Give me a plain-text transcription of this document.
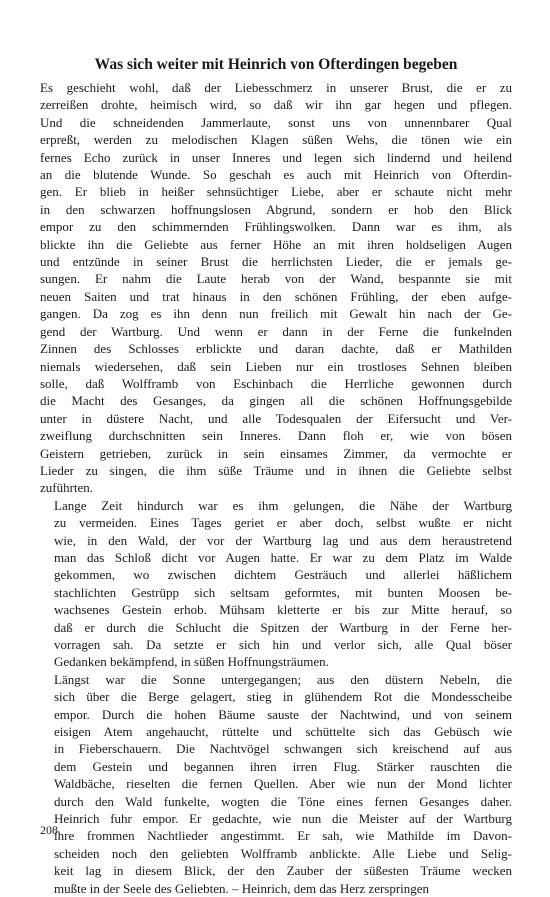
Was sich weiter mit Heinrich von Ofterdingen begeben

Es geschieht wohl, daß der Liebesschmerz in unserer Brust, die er zu
zerreißen drohte, heimisch wird, so daß wir ihn gar hegen und pflegen.
Und die schneidenden Jammerlaute, sonst uns von unnennbarer Qual
erpreßt, werden zu melodischen Klagen süßen Wehs, die tönen wie ein
fernes Echo zurück in unser Inneres und legen sich lindernd und heilend
an die blutende Wunde. So geschah es auch mit Heinrich von Ofterdin-
gen. Er blieb in heißer sehnsüchtiger Liebe, aber er schaute nicht mehr
in den schwarzen hoffnungslosen Abgrund, sondern er hob den Blick
empor zu den schimmernden Frühlingswolken. Dann war es ihm, als
blickte ihn die Geliebte aus ferner Höhe an mit ihren holdseligen Augen
und entzünde in seiner Brust die herrlichsten Lieder, die er jemals ge-
sungen. Er nahm die Laute herab von der Wand, bespannte sie mit
neuen Saiten und trat hinaus in den schönen Frühling, der eben aufge-
gangen. Da zog es ihn denn nun freilich mit Gewalt hin nach der Ge-
gend der Wartburg. Und wenn er dann in der Ferne die funkelnden
Zinnen des Schlosses erblickte und daran dachte, daß er Mathilden
niemals wiedersehen, daß sein Lieben nur ein trostloses Sehnen bleiben
solle, daß Wolfframb von Eschinbach die Herrliche gewonnen durch
die Macht des Gesanges, da gingen all die schönen Hoffnungsgebilde
unter in düstere Nacht, und alle Todesqualen der Eifersucht und Ver-
zweiflung durchschnitten sein Inneres. Dann floh er, wie von bösen
Geistern getrieben, zurück in sein einsames Zimmer, da vermochte er
Lieder zu singen, die ihm süße Träume und in ihnen die Geliebte selbst
zuführten.

Lange Zeit hindurch war es ihm gelungen, die Nähe der Wartburg
zu vermeiden. Eines Tages geriet er aber doch, selbst wußte er nicht
wie, in den Wald, der vor der Wartburg lag und aus dem heraustretend
man das Schloß dicht vor Augen hatte. Er war zu dem Platz im Walde
gekommen, wo zwischen dichtem Gesträuch und allerlei häßlichem
stachlichten Gestrüpp sich seltsam geformtes, mit bunten Moosen be-
wachsenes Gestein erhob. Mühsam kletterte er bis zur Mitte herauf, so
daß er durch die Schlucht die Spitzen der Wartburg in der Ferne her-
vorragen sah. Da setzte er sich hin und verlor sich, alle Qual böser
Gedanken bekämpfend, in süßen Hoffnungsträumen.

Längst war die Sonne untergegangen; aus den düstern Nebeln, die
sich über die Berge gelagert, stieg in glühendem Rot die Mondesscheibe
empor. Durch die hohen Bäume sauste der Nachtwind, und von seinem
eisigen Atem angehaucht, rüttelte und schüttelte sich das Gebüsch wie
in Fieberschauern. Die Nachtvögel schwangen sich kreischend auf aus
dem Gestein und begannen ihren irren Flug. Stärker rauschten die
Waldbäche, rieselten die fernen Quellen. Aber wie nun der Mond lichter
durch den Wald funkelte, wogten die Töne eines fernen Gesanges daher.
Heinrich fuhr empor. Er gedachte, wie nun die Meister auf der Wartburg
ihre frommen Nachtlieder angestimmt. Er sah, wie Mathilde im Davon-
scheiden noch den geliebten Wolfframb anblickte. Alle Liebe und Selig-
keit lag in diesem Blick, der den Zauber der süßesten Träume wecken
mußte in der Seele des Geliebten. – Heinrich, dem das Herz zerspringen

208
